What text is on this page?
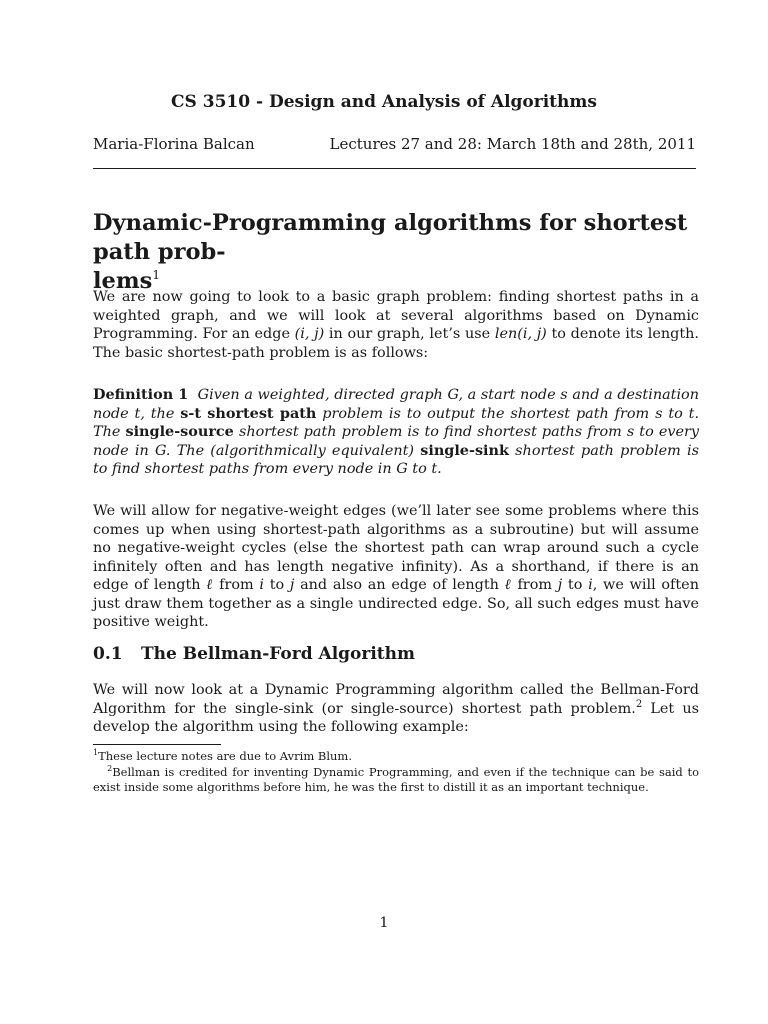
CS 3510 - Design and Analysis of Algorithms
Maria-Florina Balcan	Lectures 27 and 28: March 18th and 28th, 2011
Dynamic-Programming algorithms for shortest path prob-
lems$^1$
We are now going to look to a basic graph problem: finding shortest paths in a weighted graph, and we will look at several algorithms based on Dynamic Programming. For an edge (i, j) in our graph, let’s use len(i, j) to denote its length. The basic shortest-path problem is as follows:
Definition 1 Given a weighted, directed graph G, a start node s and a destination node t, the s-t shortest path problem is to output the shortest path from s to t. The single-source shortest path problem is to find shortest paths from s to every node in G. The (algorithmically equivalent) single-sink shortest path problem is to find shortest paths from every node in G to t.
We will allow for negative-weight edges (we’ll later see some problems where this comes up when using shortest-path algorithms as a subroutine) but will assume no negative-weight cycles (else the shortest path can wrap around such a cycle infinitely often and has length negative infinity). As a shorthand, if there is an edge of length ℓ from i to j and also an edge of length ℓ from j to i, we will often just draw them together as a single undirected edge. So, all such edges must have positive weight.
0.1 The Bellman-Ford Algorithm
We will now look at a Dynamic Programming algorithm called the Bellman-Ford Algorithm for the single-sink (or single-source) shortest path problem.$^2$ Let us develop the algorithm using the following example:
$^1$These lecture notes are due to Avrim Blum.
$^2$Bellman is credited for inventing Dynamic Programming, and even if the technique can be said to exist inside some algorithms before him, he was the first to distill it as an important technique.
1
